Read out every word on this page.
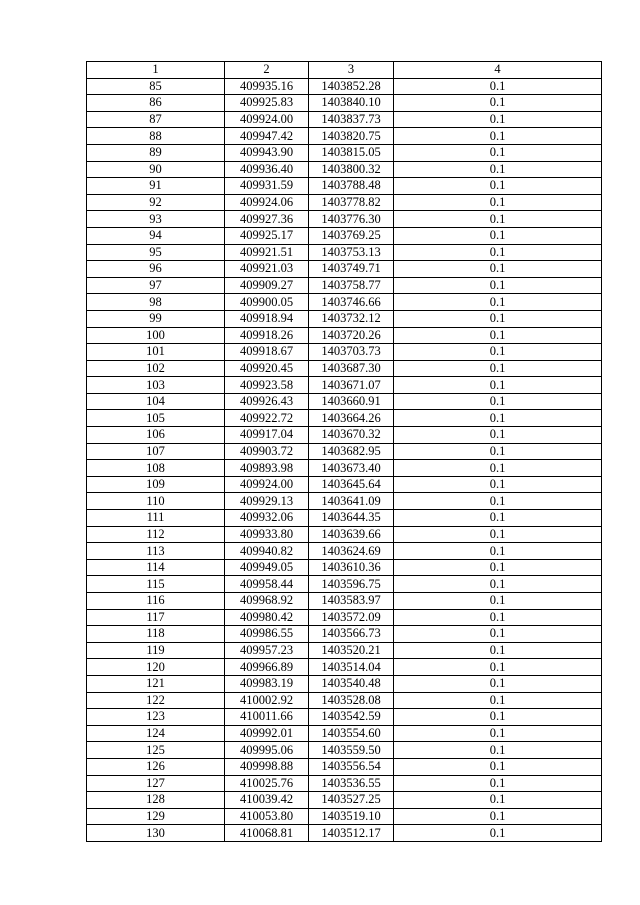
1	2	3	4
85	409935.16	1403852.28	0.1
86	409925.83	1403840.10	0.1
87	409924.00	1403837.73	0.1
88	409947.42	1403820.75	0.1
89	409943.90	1403815.05	0.1
90	409936.40	1403800.32	0.1
91	409931.59	1403788.48	0.1
92	409924.06	1403778.82	0.1
93	409927.36	1403776.30	0.1
94	409925.17	1403769.25	0.1
95	409921.51	1403753.13	0.1
96	409921.03	1403749.71	0.1
97	409909.27	1403758.77	0.1
98	409900.05	1403746.66	0.1
99	409918.94	1403732.12	0.1
100	409918.26	1403720.26	0.1
101	409918.67	1403703.73	0.1
102	409920.45	1403687.30	0.1
103	409923.58	1403671.07	0.1
104	409926.43	1403660.91	0.1
105	409922.72	1403664.26	0.1
106	409917.04	1403670.32	0.1
107	409903.72	1403682.95	0.1
108	409893.98	1403673.40	0.1
109	409924.00	1403645.64	0.1
110	409929.13	1403641.09	0.1
111	409932.06	1403644.35	0.1
112	409933.80	1403639.66	0.1
113	409940.82	1403624.69	0.1
114	409949.05	1403610.36	0.1
115	409958.44	1403596.75	0.1
116	409968.92	1403583.97	0.1
117	409980.42	1403572.09	0.1
118	409986.55	1403566.73	0.1
119	409957.23	1403520.21	0.1
120	409966.89	1403514.04	0.1
121	409983.19	1403540.48	0.1
122	410002.92	1403528.08	0.1
123	410011.66	1403542.59	0.1
124	409992.01	1403554.60	0.1
125	409995.06	1403559.50	0.1
126	409998.88	1403556.54	0.1
127	410025.76	1403536.55	0.1
128	410039.42	1403527.25	0.1
129	410053.80	1403519.10	0.1
130	410068.81	1403512.17	0.1
